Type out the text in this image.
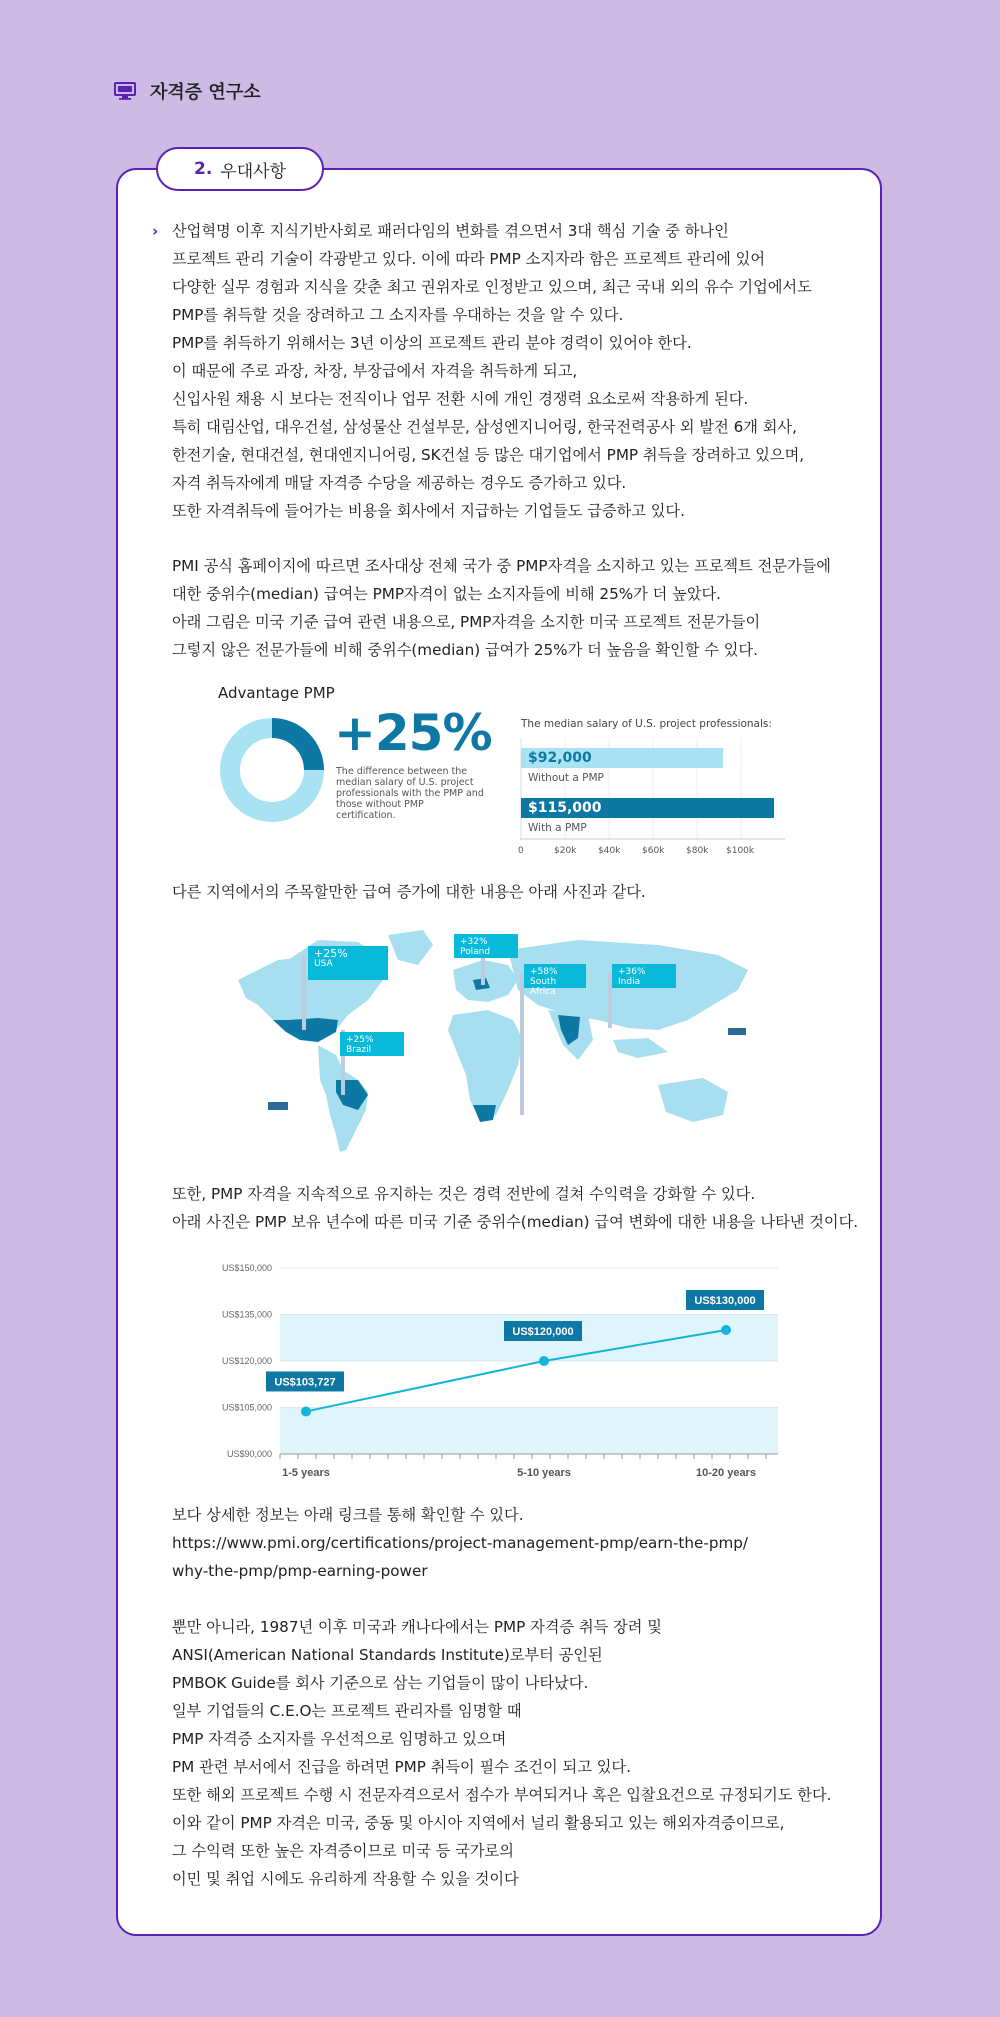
자격증 연구소
2. 우대사항
› 산업혁명 이후 지식기반사회로 패러다임의 변화를 겪으면서 3대 핵심 기술 중 하나인
프로젝트 관리 기술이 각광받고 있다. 이에 따라 PMP 소지자라 함은 프로젝트 관리에 있어
다양한 실무 경험과 지식을 갖춘 최고 권위자로 인정받고 있으며, 최근 국내 외의 유수 기업에서도
PMP를 취득할 것을 장려하고 그 소지자를 우대하는 것을 알 수 있다.
PMP를 취득하기 위해서는 3년 이상의 프로젝트 관리 분야 경력이 있어야 한다.
이 때문에 주로 과장, 차장, 부장급에서 자격을 취득하게 되고,
신입사원 채용 시 보다는 전직이나 업무 전환 시에 개인 경쟁력 요소로써 작용하게 된다.
특히 대림산업, 대우건설, 삼성물산 건설부문, 삼성엔지니어링, 한국전력공사 외 발전 6개 회사,
한전기술, 현대건설, 현대엔지니어링, SK건설 등 많은 대기업에서 PMP 취득을 장려하고 있으며,
자격 취득자에게 매달 자격증 수당을 제공하는 경우도 증가하고 있다.
또한 자격취득에 들어가는 비용을 회사에서 지급하는 기업들도 급증하고 있다.
PMI 공식 홈페이지에 따르면 조사대상 전체 국가 중 PMP자격을 소지하고 있는 프로젝트 전문가들에
대한 중위수(median) 급여는 PMP자격이 없는 소지자들에 비해 25%가 더 높았다.
아래 그림은 미국 기준 급여 관련 내용으로, PMP자격을 소지한 미국 프로젝트 전문가들이
그렇지 않은 전문가들에 비해 중위수(median) 급여가 25%가 더 높음을 확인할 수 있다.
Advantage PMP
+25%
The difference between the median salary of U.S. project professionals with the PMP and those without PMP certification.
The median salary of U.S. project professionals:
$92,000
$115,000
Without a PMP
With a PMP
0	$20k $40k $60k $80k $100k
다른 지역에서의 주목할만한 급여 증가에 대한 내용은 아래 사진과 같다.
+25%
USA
+32%
Poland
+58%
South Africa
+36%
India
+25%
Brazil
또한, PMP 자격을 지속적으로 유지하는 것은 경력 전반에 걸쳐 수익력을 강화할 수 있다.
아래 사진은 PMP 보유 년수에 따른 미국 기준 중위수(median) 급여 변화에 대한 내용을 나타낸 것이다.
US$150,000
US$135,000
US$120,000
US$105,000
US$90,000
1-5 years	5-10 years	10-20 years
US$103,727
US$120,000
US$130,000
보다 상세한 정보는 아래 링크를 통해 확인할 수 있다.
https://www.pmi.org/certifications/project-management-pmp/earn-the-pmp/
why-the-pmp/pmp-earning-power
뿐만 아니라, 1987년 이후 미국과 캐나다에서는 PMP 자격증 취득 장려 및
ANSI(American National Standards Institute)로부터 공인된
PMBOK Guide를 회사 기준으로 삼는 기업들이 많이 나타났다.
일부 기업들의 C.E.O는 프로젝트 관리자를 임명할 때
PMP 자격증 소지자를 우선적으로 임명하고 있으며
PM 관련 부서에서 진급을 하려면 PMP 취득이 필수 조건이 되고 있다.
또한 해외 프로젝트 수행 시 전문자격으로서 점수가 부여되거나 혹은 입찰요건으로 규정되기도 한다.
이와 같이 PMP 자격은 미국, 중동 및 아시아 지역에서 널리 활용되고 있는 해외자격증이므로,
그 수익력 또한 높은 자격증이므로 미국 등 국가로의
이민 및 취업 시에도 유리하게 작용할 수 있을 것이다
